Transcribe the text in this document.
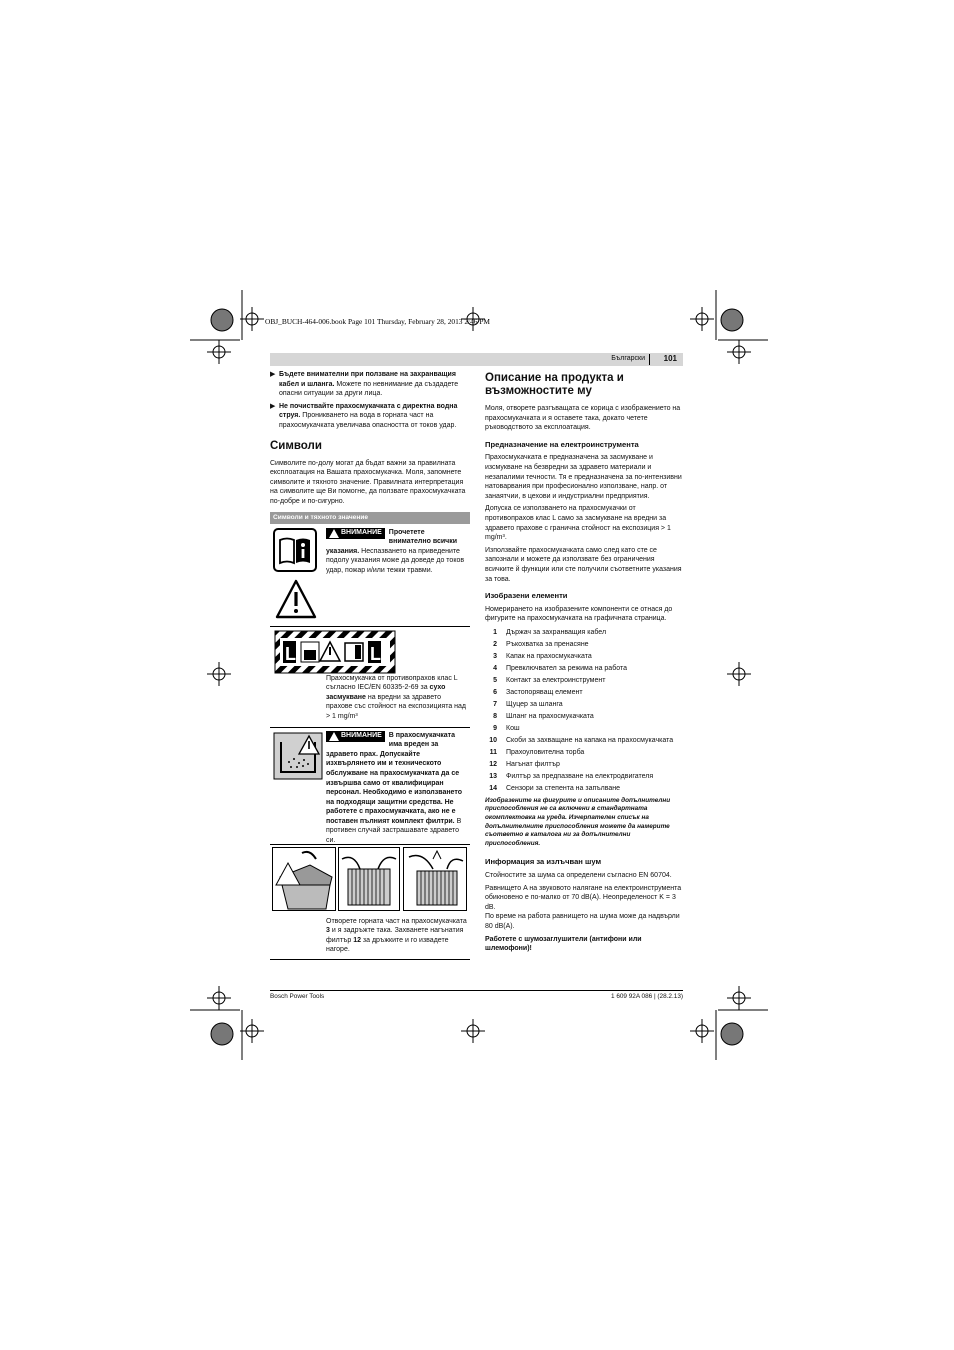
OBJ_BUCH-464-006.book Page 101 Thursday, February 28, 2013 2:46 PM
Български 101
▶ Бъдете внимателни при ползване на захранващия кабел и шланга. Можете по невнимание да създадете опасни ситуации за други лица.
▶ Не почиствайте прахосмукачката с директна водна струя. Проникването на вода в горната част на прахосмукачката увеличава опасността от токов удар.
Символи

Символите по-долу могат да бъдат важни за правилната експлоатация на Вашата прахосмукачка. Моля, запомнете символите и тяхното значение. Правилната интерпретация на символите ще Ви помогне, да ползвате прахосмукачката по-добре и по-сигурно.

Символи и тяхното значение
ВНИМАНИЕ	Прочетете внимателно всички указания. Неспазването на приведените подолу указания може да доведе до токов удар, пожар и/или тежки травми.
L	L
Прахосмукачка от противопрахов клас L съгласно IEC/EN 60335-2-69 за сухо засмукване на вредни за здравето прахове със стойност на експозицията над > 1 mg/m³
ВНИМАНИЕ	В прахосмукачката има вреден за здравето прах. Допускайте изхвърлянето им и техническото обслужване на прахосмукачката да се извършва само от квалифициран персонал. Необходимо е използването на подходящи защитни средства. Не работете с прахосмукачката, ако не е поставен пълният комплект филтри. В противен случай застрашавате здравето си.
Отворете горната част на прахосмукачката 3 и я задръжте така. Захванете нагънатия филтър 12 за дръжките и го извадете нагоре.
Описание на продукта и възможностите му

Моля, отворете разгъващата се корица с изображението на прахосмукачката и я оставете така, докато четете ръководството за експлоатация.

Предназначение на електроинструмента

Прахосмукачката е предназначена за засмукване и изсмукване на безвредни за здравето материали и незапалими течности. Тя е предназначена за по-интензивни натоварвания при професионално използване, напр. от занаятчии, в цехови и индустриални предприятия.

Допуска се използването на прахосмукачки от противопрахов клас L само за засмукване на вредни за здравето прахове с гранична стойност на експозиция > 1 mg/m³.

Използвайте прахосмукачката само след като сте се запознали и можете да използвате без ограничения всичките й функции или сте получили съответните указания за това.

Изобразени елементи

Номерирането на изобразените компоненти се отнася до фигурите на прахосмукачката на графичната страница.

1 Държач за захранващия кабел
2 Ръкохватка за пренасяне
3 Капак на прахосмукачката
4 Превключвател за режима на работа
5 Контакт за електроинструмент
6 Застопоряващ елемент
7 Щуцер за шланга
8 Шланг на прахосмукачката
9 Кош
10 Скоби за захващане на капака на прахосмукачката
11 Прахоуловителна торба
12 Нагънат филтър
13 Филтър за предпазване на електродвигателя
14 Сензори за степента на запълване

Изобразените на фигурите и описаните допълнителни приспособления не са включени в стандартната окомплектовка на уреда. Изчерпателен списък на допълнителните приспособления можете да намерите съответно в каталога ни за допълнителни приспособления.

Информация за излъчван шум

Стойностите за шума са определени съгласно EN 60704.

Равнището A на звуковото налягане на електроинструмента обикновено е по-малко от 70 dB(A). Неопределеност K = 3 dB.

По време на работа равнището на шума може да надвърли 80 dB(A).

Работете с шумозаглушители (антифони или шлемофони)!

Bosch Power Tools	1 609 92A 086 | (28.2.13)
